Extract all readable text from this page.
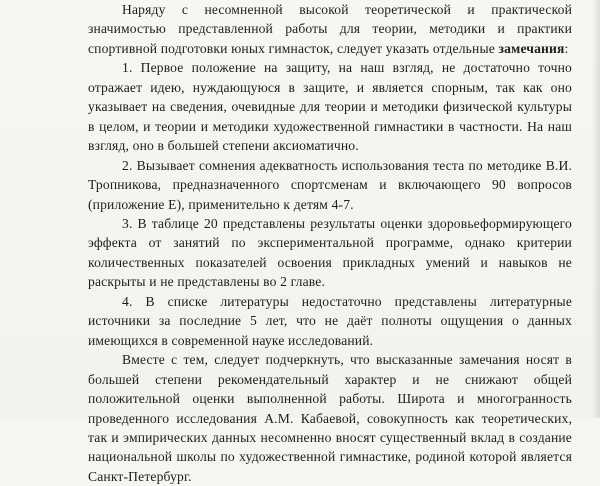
Наряду с несомненной высокой теоретической и практической значимостью представленной работы для теории, методики и практики спортивной подготовки юных гимнасток, следует указать отдельные замечания:

1. Первое положение на защиту, на наш взгляд, не достаточно точно отражает идею, нуждающуюся в защите, и является спорным, так как оно указывает на сведения, очевидные для теории и методики физической культуры в целом, и теории и методики художественной гимнастики в частности. На наш взгляд, оно в большей степени аксиоматично.

2. Вызывает сомнения адекватность использования теста по методике В.И. Тропникова, предназначенного спортсменам и включающего 90 вопросов (приложение Е), применительно к детям 4-7.

3. В таблице 20 представлены результаты оценки здоровьеформирующего эффекта от занятий по экспериментальной программе, однако критерии количественных показателей освоения прикладных умений и навыков не раскрыты и не представлены во 2 главе.

4. В списке литературы недостаточно представлены литературные источники за последние 5 лет, что не даёт полноты ощущения о данных имеющихся в современной науке исследований.

Вместе с тем, следует подчеркнуть, что высказанные замечания носят в большей степени рекомендательный характер и не снижают общей положительной оценки выполненной работы. Широта и многогранность проведенного исследования А.М. Кабаевой, совокупность как теоретических, так и эмпирических данных несомненно вносят существенный вклад в создание национальной школы по художественной гимнастике, родиной которой является Санкт-Петербург.
